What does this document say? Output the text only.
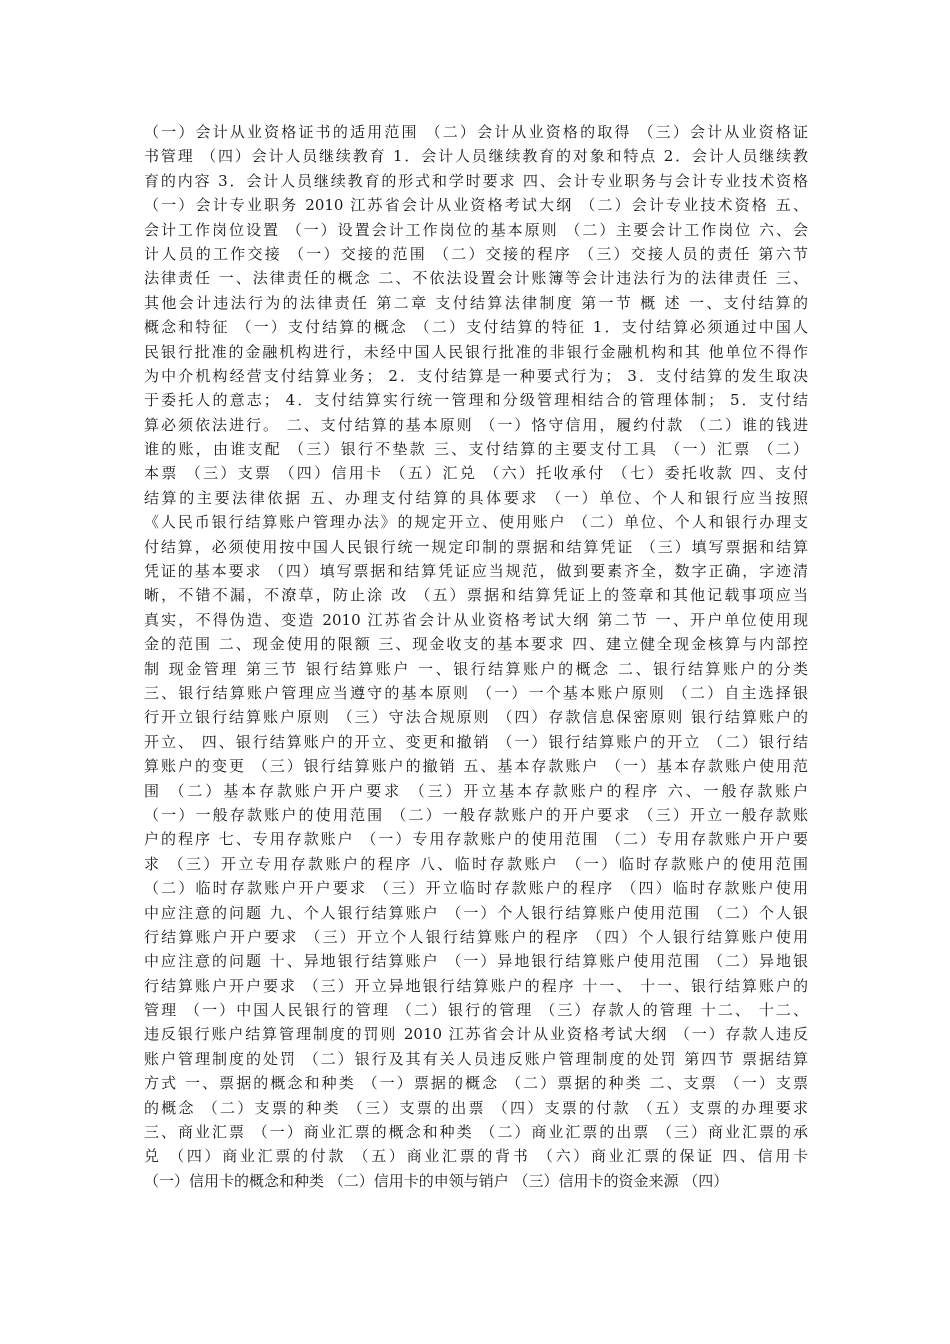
（一）会计从业资格证书的适用范围 （二）会计从业资格的取得 （三）会计从业资格证
书管理 （四）会计人员继续教育 1．会计人员继续教育的对象和特点 2．会计人员继续教
育的内容 3．会计人员继续教育的形式和学时要求 四、会计专业职务与会计专业技术资格
（一）会计专业职务 2010 江苏省会计从业资格考试大纲 （二）会计专业技术资格 五、
会计工作岗位设置 （一）设置会计工作岗位的基本原则 （二）主要会计工作岗位 六、会
计人员的工作交接 （一）交接的范围 （二）交接的程序 （三）交接人员的责任 第六节
法律责任 一、法律责任的概念 二、不依法设置会计账簿等会计违法行为的法律责任 三、
其他会计违法行为的法律责任 第二章 支付结算法律制度 第一节 概 述 一、支付结算的
概念和特征 （一）支付结算的概念 （二）支付结算的特征 1．支付结算必须通过中国人
民银行批准的金融机构进行，未经中国人民银行批准的非银行金融机构和其 他单位不得作
为中介机构经营支付结算业务； 2．支付结算是一种要式行为； 3．支付结算的发生取决
于委托人的意志； 4．支付结算实行统一管理和分级管理相结合的管理体制； 5．支付结
算必须依法进行。 二、支付结算的基本原则 （一）恪守信用，履约付款 （二）谁的钱进
谁的账，由谁支配 （三）银行不垫款 三、支付结算的主要支付工具 （一）汇票 （二）
本票 （三）支票 （四）信用卡 （五）汇兑 （六）托收承付 （七）委托收款 四、支付
结算的主要法律依据 五、办理支付结算的具体要求 （一）单位、个人和银行应当按照
《人民币银行结算账户管理办法》的规定开立、使用账户 （二）单位、个人和银行办理支
付结算，必须使用按中国人民银行统一规定印制的票据和结算凭证 （三）填写票据和结算
凭证的基本要求 （四）填写票据和结算凭证应当规范，做到要素齐全，数字正确，字迹清
晰，不错不漏，不潦草，防止涂 改 （五）票据和结算凭证上的签章和其他记载事项应当
真实，不得伪造、变造 2010 江苏省会计从业资格考试大纲 第二节 一、开户单位使用现
金的范围 二、现金使用的限额 三、现金收支的基本要求 四、建立健全现金核算与内部控
制 现金管理 第三节 银行结算账户 一、银行结算账户的概念 二、银行结算账户的分类
三、银行结算账户管理应当遵守的基本原则 （一）一个基本账户原则 （二）自主选择银
行开立银行结算账户原则 （三）守法合规原则 （四）存款信息保密原则 银行结算账户的
开立、 四、银行结算账户的开立、变更和撤销 （一）银行结算账户的开立 （二）银行结
算账户的变更 （三）银行结算账户的撤销 五、基本存款账户 （一）基本存款账户使用范
围 （二）基本存款账户开户要求 （三）开立基本存款账户的程序 六、一般存款账户
（一）一般存款账户的使用范围 （二）一般存款账户的开户要求 （三）开立一般存款账
户的程序 七、专用存款账户 （一）专用存款账户的使用范围 （二）专用存款账户开户要
求 （三）开立专用存款账户的程序 八、临时存款账户 （一）临时存款账户的使用范围
（二）临时存款账户开户要求 （三）开立临时存款账户的程序 （四）临时存款账户使用
中应注意的问题 九、个人银行结算账户 （一）个人银行结算账户使用范围 （二）个人银
行结算账户开户要求 （三）开立个人银行结算账户的程序 （四）个人银行结算账户使用
中应注意的问题 十、异地银行结算账户 （一）异地银行结算账户使用范围 （二）异地银
行结算账户开户要求 （三）开立异地银行结算账户的程序 十一、 十一、银行结算账户的
管理 （一）中国人民银行的管理 （二）银行的管理 （三）存款人的管理 十二、 十二、
违反银行账户结算管理制度的罚则 2010 江苏省会计从业资格考试大纲 （一）存款人违反
账户管理制度的处罚 （二）银行及其有关人员违反账户管理制度的处罚 第四节 票据结算
方式 一、票据的概念和种类 （一）票据的概念 （二）票据的种类 二、支票 （一）支票
的概念 （二）支票的种类 （三）支票的出票 （四）支票的付款 （五）支票的办理要求
三、商业汇票 （一）商业汇票的概念和种类 （二）商业汇票的出票 （三）商业汇票的承
兑 （四）商业汇票的付款 （五）商业汇票的背书 （六）商业汇票的保证 四、信用卡
（一）信用卡的概念和种类 （二）信用卡的申领与销户 （三）信用卡的资金来源 （四）
